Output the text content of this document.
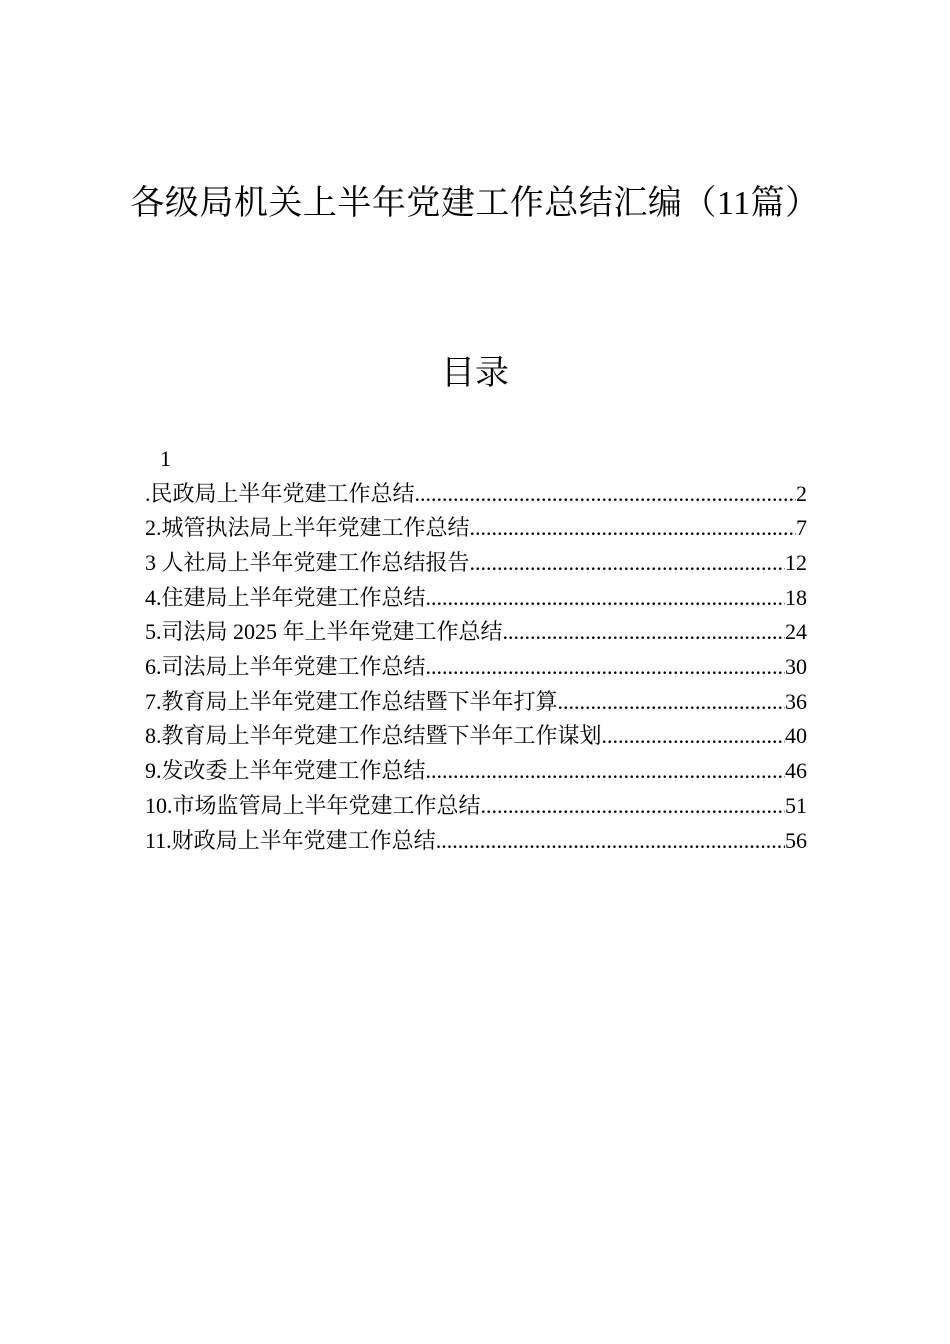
各级局机关上半年党建工作总结汇编（11篇）
目录
1
.民政局上半年党建工作总结 .....	2
2.城管执法局上半年党建工作总结 .....	7
3 人社局上半年党建工作总结报告 .....	12
4.住建局上半年党建工作总结 .....	18
5.司法局 2025 年上半年党建工作总结 .....	24
6.司法局上半年党建工作总结 .....	30
7.教育局上半年党建工作总结暨下半年打算 .....	36
8.教育局上半年党建工作总结暨下半年工作谋划 .....	40
9.发改委上半年党建工作总结 .....	46
10.市场监管局上半年党建工作总结 .....	51
11.财政局上半年党建工作总结 .....	56
